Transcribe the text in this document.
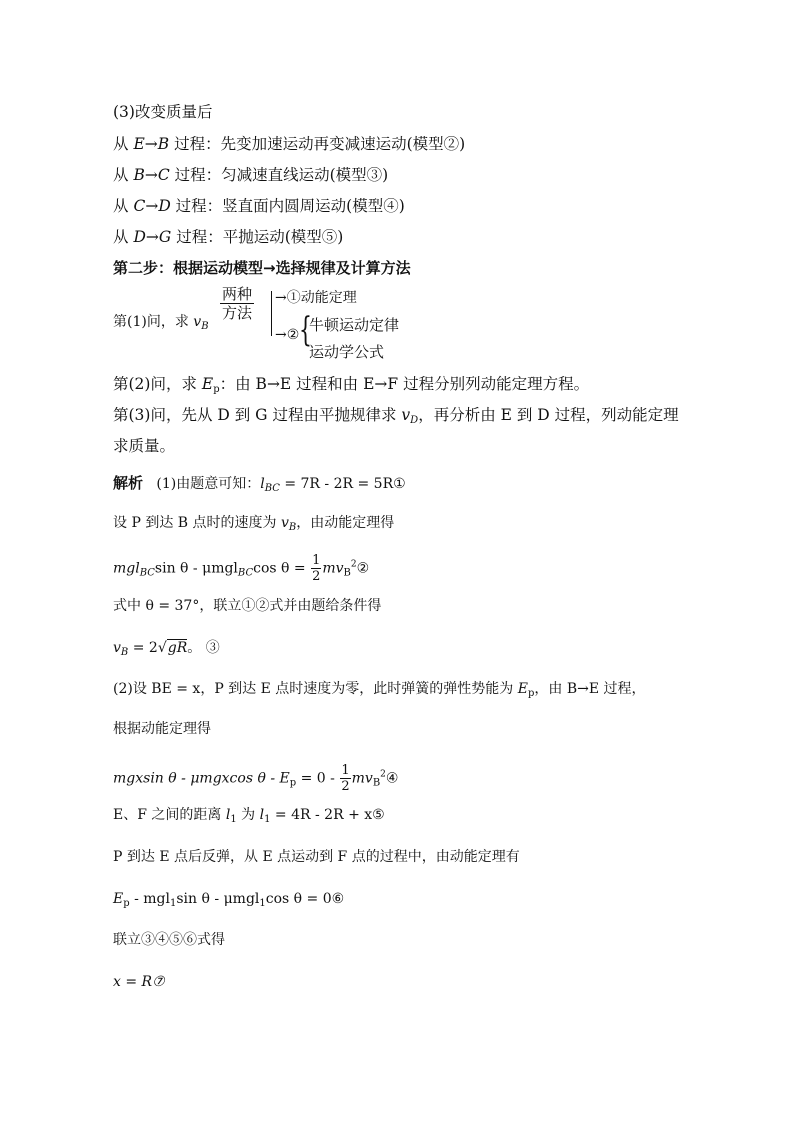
(3)改变质量后
从 E→B 过程：先变加速运动再变减速运动(模型②)
从 B→C 过程：匀减速直线运动(模型③)
从 C→D 过程：竖直面内圆周运动(模型④)
从 D→G 过程：平抛运动(模型⑤)
第二步：根据运动模型→选择规律及计算方法
第(1)问，求 $v_B$
两种
方法
→①动能定理
→② {
牛顿运动定律
运动学公式
第(2)问，求 $E_p$：由 B→E 过程和由 E→F 过程分别列动能定理方程。
第(3)问，先从 D 到 G 过程由平抛规律求 $v_D$，再分析由 E 到 D 过程，列动能定理
求质量。
解析 (1)由题意可知：$l_{BC} = 7R - 2R$ = 5R①
设 P 到达 B 点时的速度为 $v_B$，由动能定理得
mgl$_{BC}$sin θ - μmgl$_{BC}$cos $\theta = \frac{1}{2}$ $mv_B^2②$
式中 θ = 37°，联立①②式并由题给条件得
$v_B = 2√gR$。 ③
(2)设 BE = x，P 到达 E 点时速度为零，此时弹簧的弹性势能为 $E_p$，由 B→E 过程，
根据动能定理得
mgxsin θ - μmgxcos $\theta - E_p = 0 - \frac{1}{2}$ $mv_B^2④$
E、F 之间的距离 $l_1$ 为 $l_1 = 4R - 2R$ + x⑤
P 到达 E 点后反弹，从 E 点运动到 F 点的过程中，由动能定理有
$E_p - mgl_1\sin$ θ - μmgl$_1$cos θ = 0⑥
联立③④⑤⑥式得
x = R⑦
